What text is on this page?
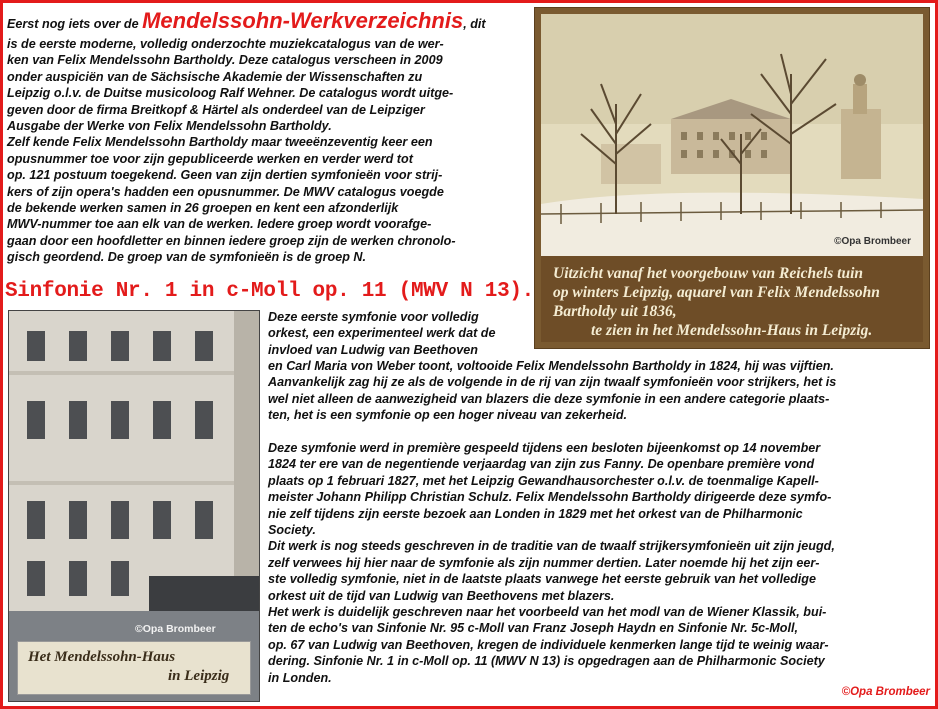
Eerst nog iets over de Mendelssohn-Werkverzeichnis, dit

is de eerste moderne, volledig onderzochte muziekcatalogus van de wer-

ken van Felix Mendelssohn Bartholdy. Deze catalogus verscheen in 2009

onder auspiciën van de Sächsische Akademie der Wissenschaften zu

Leipzig o.l.v. de Duitse musicoloog Ralf Wehner. De catalogus wordt uitge-

geven door de firma Breitkopf & Härtel als onderdeel van de Leipziger

Ausgabe der Werke von Felix Mendelssohn Bartholdy.

Zelf kende Felix Mendelssohn Bartholdy maar tweeënzeventig keer een

opusnummer toe voor zijn gepubliceerde werken en verder werd tot

op. 121 postuum toegekend. Geen van zijn dertien symfonieën voor strij-

kers of zijn opera's hadden een opusnummer. De MWV catalogus voegde

de bekende werken samen in 26 groepen en kent een afzonderlijk

MWV-nummer toe aan elk van de werken. Iedere groep wordt voorafge-

gaan door een hoofdletter en binnen iedere groep zijn de werken chronolo-

gisch geordend. De groep van de symfonieën is de groep N.

©Opa Brombeer

Uitzicht vanaf het voorgebouw van Reichels tuin

op winters Leipzig, aquarel van Felix Mendelssohn

Bartholdy uit 1836,

te zien in het Mendelssohn-Haus in Leipzig.

Sinfonie Nr. 1 in c-Moll op. 11 (MWV N 13).
©Opa Brombeer

Het Mendelssohn-Haus

in Leipzig

Deze eerste symfonie voor volledig

orkest, een experimenteel werk dat de

invloed van Ludwig van Beethoven

en Carl Maria von Weber toont, voltooide Felix Mendelssohn Bartholdy in 1824, hij was vijftien.

Aanvankelijk zag hij ze als de volgende in de rij van zijn twaalf symfonieën voor strijkers, het is

wel niet alleen de aanwezigheid van blazers die deze symfonie in een andere categorie plaats-

ten, het is een symfonie op een hoger niveau van zekerheid.

Deze symfonie werd in première gespeeld tijdens een besloten bijeenkomst op 14 november

1824 ter ere van de negentiende verjaardag van zijn zus Fanny. De openbare première vond

plaats op 1 februari 1827, met het Leipzig Gewandhausorchester o.l.v. de toenmalige Kapell-

meister Johann Philipp Christian Schulz. Felix Mendelssohn Bartholdy dirigeerde deze symfo-

nie zelf tijdens zijn eerste bezoek aan Londen in 1829 met het orkest van de Philharmonic

Society.

Dit werk is nog steeds geschreven in de traditie van de twaalf strijkersymfonieën uit zijn jeugd,

zelf verwees hij hier naar de symfonie als zijn nummer dertien. Later noemde hij het zijn eer-

ste volledig symfonie, niet in de laatste plaats vanwege het eerste gebruik van het volledige

orkest uit de tijd van Ludwig van Beethovens met blazers.

Het werk is duidelijk geschreven naar het voorbeeld van het modl van de Wiener Klassik, bui-

ten de echo's van Sinfonie Nr. 95 c-Moll van Franz Joseph Haydn en Sinfonie Nr. 5c-Moll,

op. 67 van Ludwig van Beethoven, kregen de individuele kenmerken lange tijd te weinig waar-

dering. Sinfonie Nr. 1 in c-Moll op. 11 (MWV N 13) is opgedragen aan de Philharmonic Society

in Londen.

©Opa Brombeer
